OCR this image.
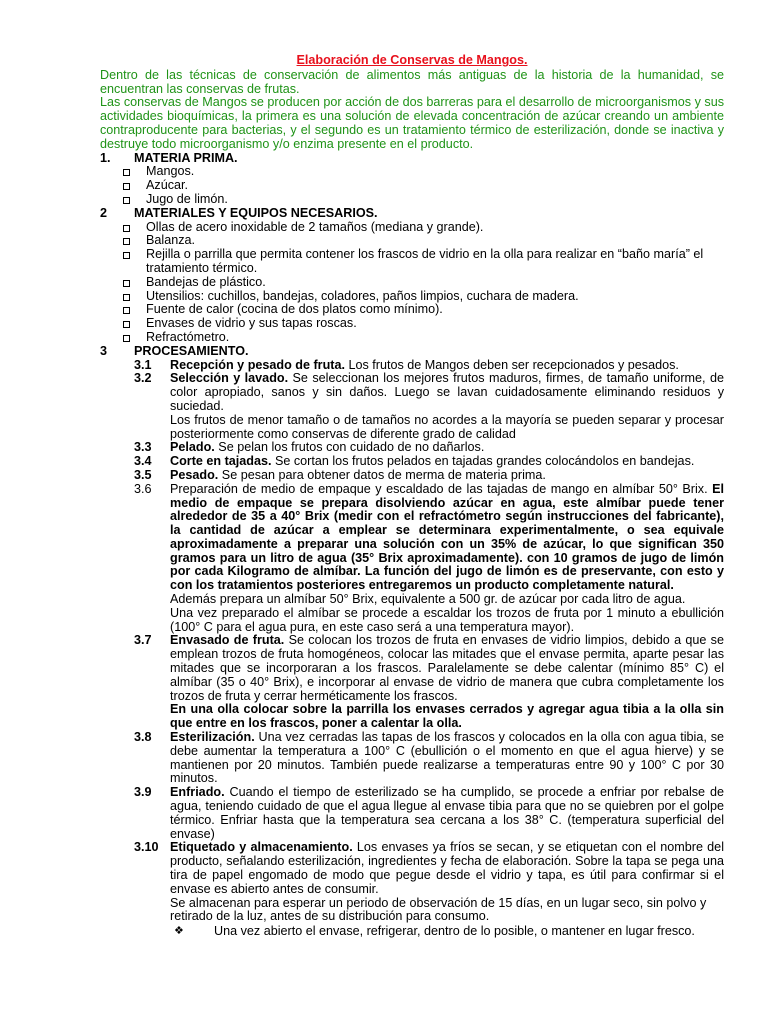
Elaboración de Conservas de Mangos.
Dentro de las técnicas de conservación de alimentos más antiguas de la historia de la humanidad, se encuentran las conservas de frutas.
Las conservas de Mangos se producen por acción de dos barreras para el desarrollo de microorganismos y sus actividades bioquímicas, la primera es una solución de elevada concentración de azúcar creando un ambiente contraproducente para bacterias, y el segundo es un tratamiento térmico de esterilización, donde se inactiva y destruye todo microorganismo y/o enzima presente en el producto.
1.	MATERIA PRIMA.
Mangos.
Azúcar.
Jugo de limón.
2	MATERIALES Y EQUIPOS NECESARIOS.
Ollas de acero inoxidable de 2 tamaños (mediana y grande).
Balanza.
Rejilla o parrilla que permita contener los frascos de vidrio en la olla para realizar en “baño maría” el tratamiento térmico.
Bandejas de plástico.
Utensilios: cuchillos, bandejas, coladores, paños limpios, cuchara de madera.
Fuente de calor (cocina de dos platos como mínimo).
Envases de vidrio y sus tapas roscas.
Refractómetro.
3	PROCESAMIENTO.
3.1	Recepción y pesado de fruta. Los frutos de Mangos deben ser recepcionados y pesados.

3.2	Selección y lavado. Se seleccionan los mejores frutos maduros, firmes, de tamaño uniforme, de color apropiado, sanos y sin daños. Luego se lavan cuidadosamente eliminando residuos y suciedad.

Los frutos de menor tamaño o de tamaños no acordes a la mayoría se pueden separar y procesar posteriormente como conservas de diferente grado de calidad

3.3	Pelado. Se pelan los frutos con cuidado de no dañarlos.

3.4	Corte en tajadas. Se cortan los frutos pelados en tajadas grandes colocándolos en bandejas.

3.5	Pesado. Se pesan para obtener datos de merma de materia prima.

3.6	Preparación de medio de empaque y escaldado de las tajadas de mango en almíbar 50° Brix. El medio de empaque se prepara disolviendo azúcar en agua, este almíbar puede tener alrededor de 35 a 40° Brix (medir con el refractómetro según instrucciones del fabricante), la cantidad de azúcar a emplear se determinara experimentalmente, o sea equivale aproximadamente a preparar una solución con un 35% de azúcar, lo que significan 350 gramos para un litro de agua (35° Brix aproximadamente). con 10 gramos de jugo de limón por cada Kilogramo de almíbar. La función del jugo de limón es de preservante, con esto y con los tratamientos posteriores entregaremos un producto completamente natural.

Además prepara un almíbar 50° Brix, equivalente a 500 gr. de azúcar por cada litro de agua.

Una vez preparado el almíbar se procede a escaldar los trozos de fruta por 1 minuto a ebullición (100° C para el agua pura, en este caso será a una temperatura mayor).

3.7	Envasado de fruta. Se colocan los trozos de fruta en envases de vidrio limpios, debido a que se emplean trozos de fruta homogéneos, colocar las mitades que el envase permita, aparte pesar las mitades que se incorporaran a los frascos. Paralelamente se debe calentar (mínimo 85° C) el almíbar (35 o 40° Brix), e incorporar al envase de vidrio de manera que cubra completamente los trozos de fruta y cerrar herméticamente los frascos.

En una olla colocar sobre la parrilla los envases cerrados y agregar agua tibia a la olla sin que entre en los frascos, poner a calentar la olla.

3.8	Esterilización. Una vez cerradas las tapas de los frascos y colocados en la olla con agua tibia, se debe aumentar la temperatura a 100° C (ebullición o el momento en que el agua hierve) y se mantienen por 20 minutos. También puede realizarse a temperaturas entre 90 y 100° C por 30 minutos.

3.9	Enfriado. Cuando el tiempo de esterilizado se ha cumplido, se procede a enfriar por rebalse de agua, teniendo cuidado de que el agua llegue al envase tibia para que no se quiebren por el golpe térmico. Enfriar hasta que la temperatura sea cercana a los 38° C. (temperatura superficial del envase)

3.10 Etiquetado y almacenamiento. Los envases ya fríos se secan, y se etiquetan con el nombre del producto, señalando esterilización, ingredientes y fecha de elaboración. Sobre la tapa se pega una tira de papel engomado de modo que pegue desde el vidrio y tapa, es útil para confirmar si el envase es abierto antes de consumir.

Se almacenan para esperar un periodo de observación de 15 días, en un lugar seco, sin polvo y retirado de la luz, antes de su distribución para consumo.

❖	Una vez abierto el envase, refrigerar, dentro de lo posible, o mantener en lugar fresco.
